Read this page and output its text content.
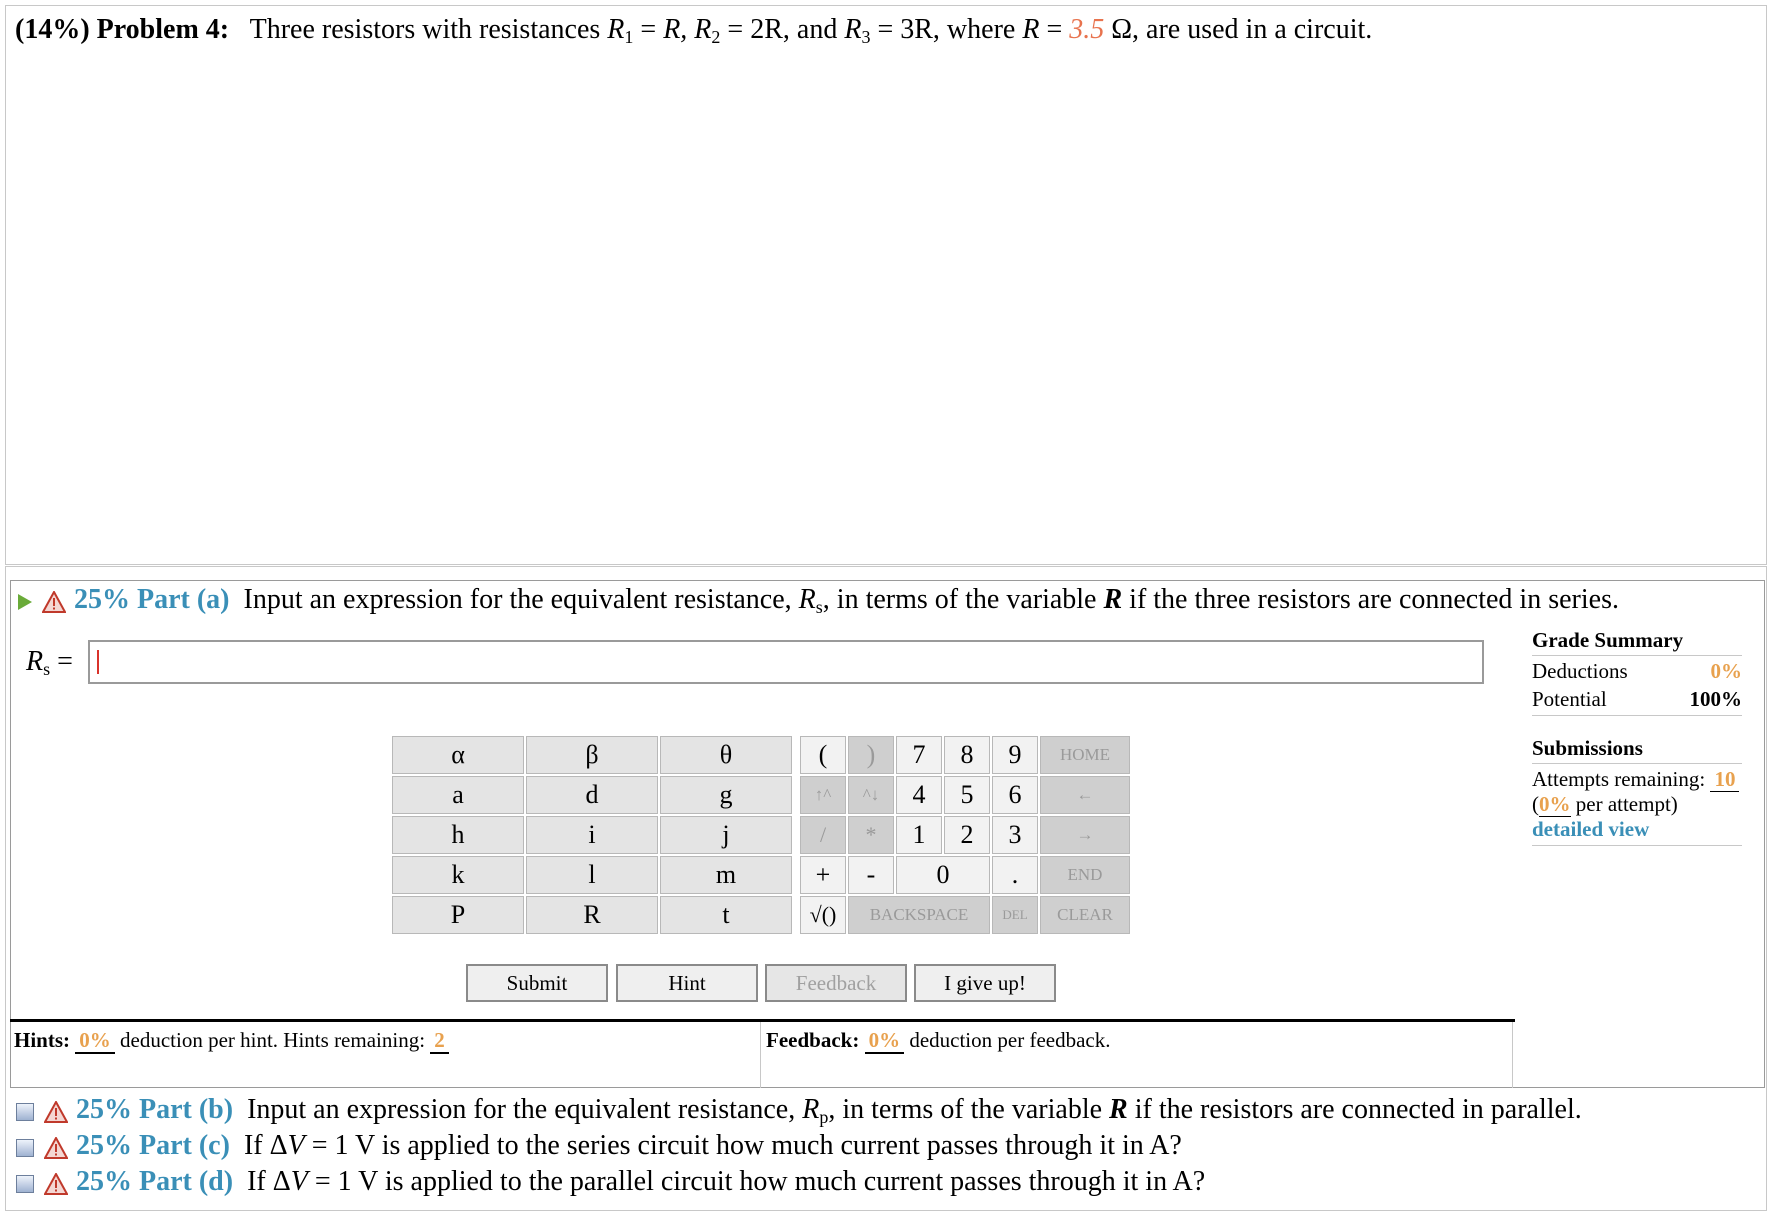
(14%) Problem 4: Three resistors with resistances $R_1 = R$, $R_2 = 2R$, and $R_3 = 3R$, where R = 3.5 Ω, are used in a circuit.
25% Part (a) Input an expression for the equivalent resistance, $R_s$, in terms of the variable R if the three resistors are connected in series.
$R_s$ =
Grade Summary
Deductions	0%
Potential	100%
Submissions
Attempts remaining: 10
(0% per attempt)
detailed view
α	β	θ		(	)	7	8	9	HOME
a	d	g		↑^	^↓	4	5	6	←
h	i	j		/	*	1	2	3	→
k	l	m		+	-	0		.	END
P	R	t		√()	BACKSPACE			DEL	CLEAR
Submit	Hint	Feedback	I give up!
Hints: 0% deduction per hint. Hints remaining: 2	Feedback: 0% deduction per feedback.
25% Part (b) Input an expression for the equivalent resistance, $R_p$, in terms of the variable R if the resistors are connected in parallel.
25% Part (c) If ΔV = 1 V is applied to the series circuit how much current passes through it in A?
25% Part (d) If ΔV = 1 V is applied to the parallel circuit how much current passes through it in A?
